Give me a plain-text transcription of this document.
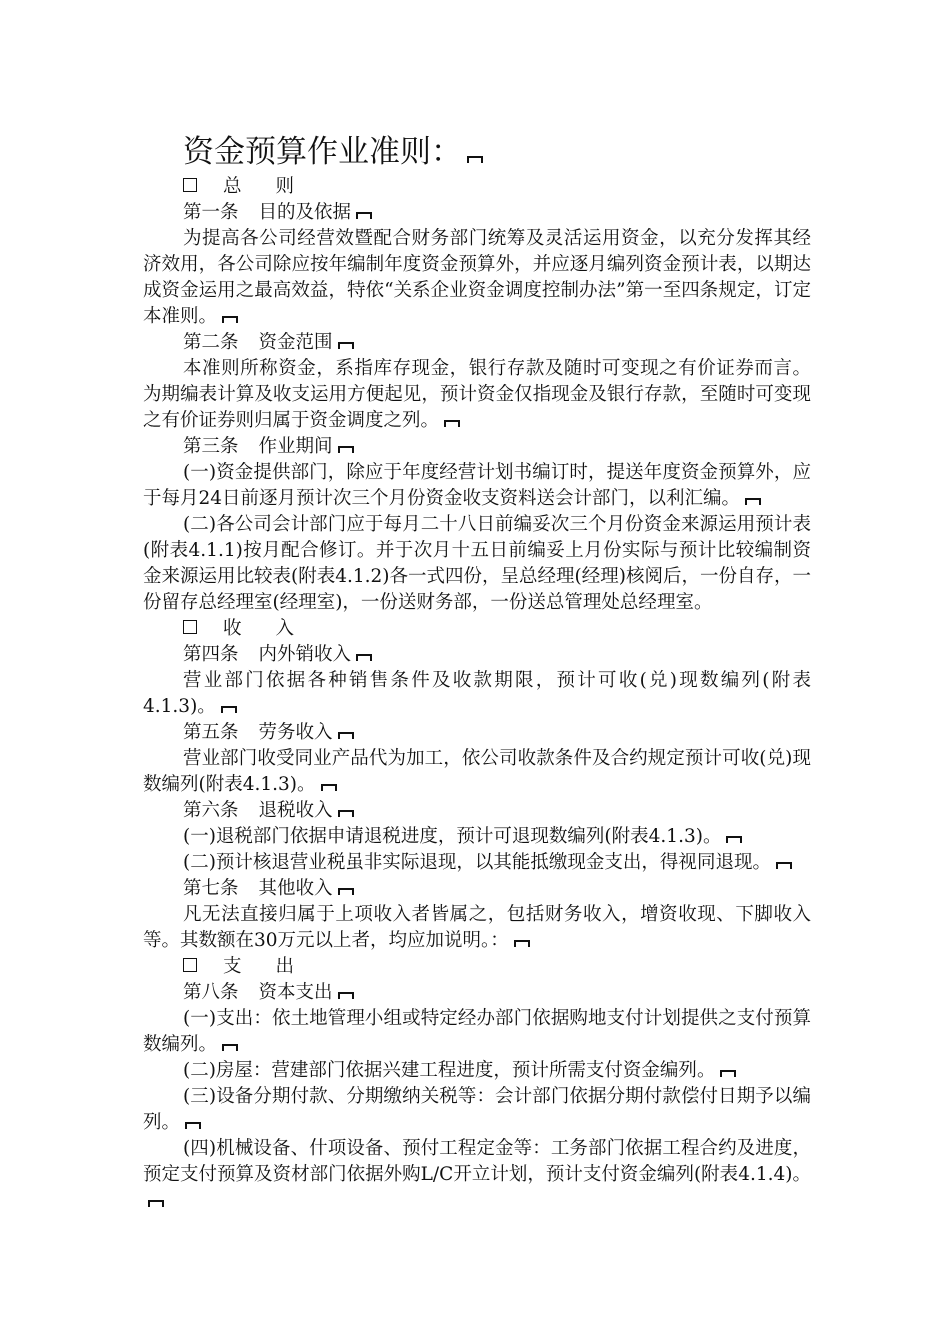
资金预算作业准则：

总 则

第一条 目的及依据

为提高各公司经营效暨配合财务部门统筹及灵活运用资金，以充分发挥其经济效用，各公司除应按年编制年度资金预算外，并应逐月编列资金预计表，以期达成资金运用之最高效益，特依“关系企业资金调度控制办法”第一至四条规定，订定本准则。

第二条 资金范围

本准则所称资金，系指库存现金，银行存款及随时可变现之有价证券而言。为期编表计算及收支运用方便起见，预计资金仅指现金及银行存款，至随时可变现之有价证券则归属于资金调度之列。

第三条 作业期间

(一)资金提供部门，除应于年度经营计划书编订时，提送年度资金预算外，应于每月24日前逐月预计次三个月份资金收支资料送会计部门，以利汇编。

(二)各公司会计部门应于每月二十八日前编妥次三个月份资金来源运用预计表(附表4.1.1)按月配合修订。并于次月十五日前编妥上月份实际与预计比较编制资金来源运用比较表(附表4.1.2)各一式四份，呈总经理(经理)核阅后，一份自存，一份留存总经理室(经理室)，一份送财务部，一份送总管理处总经理室。

收 入

第四条 内外销收入

营业部门依据各种销售条件及收款期限，预计可收(兑)现数编列(附表4.1.3)。

第五条 劳务收入

营业部门收受同业产品代为加工，依公司收款条件及合约规定预计可收(兑)现数编列(附表4.1.3)。

第六条 退税收入

(一)退税部门依据申请退税进度，预计可退现数编列(附表4.1.3)。

(二)预计核退营业税虽非实际退现，以其能抵缴现金支出，得视同退现。

第七条 其他收入

凡无法直接归属于上项收入者皆属之，包括财务收入，增资收现、下脚收入等。其数额在30万元以上者，均应加说明。：

支 出

第八条 资本支出

(一)支出：依土地管理小组或特定经办部门依据购地支付计划提供之支付预算数编列。

(二)房屋：营建部门依据兴建工程进度，预计所需支付资金编列。

(三)设备分期付款、分期缴纳关税等：会计部门依据分期付款偿付日期予以编列。

(四)机械设备、什项设备、预付工程定金等：工务部门依据工程合约及进度，预定支付预算及资材部门依据外购L/C开立计划，预计支付资金编列(附表4.1.4)。
